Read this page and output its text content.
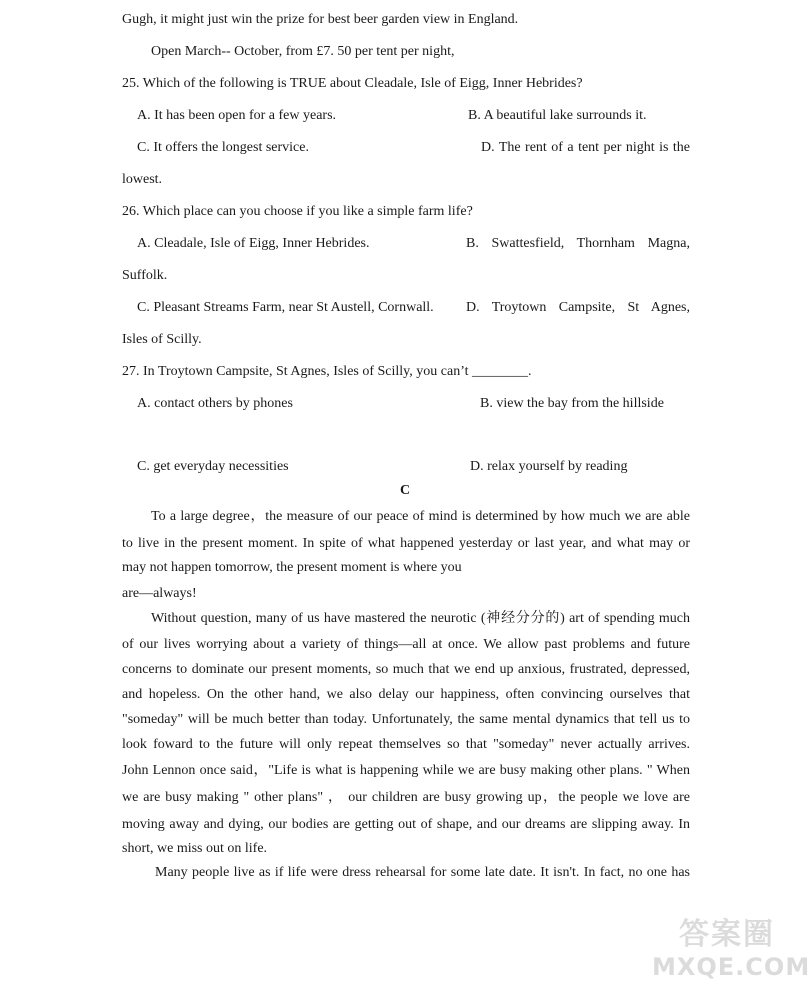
Gugh, it might just win the prize for best beer garden view in England.
Open March-- October, from £7. 50 per tent per night,
25. Which of the following is TRUE about Cleadale, Isle of Eigg, Inner Hebrides?
A. It has been open for a few years.	B. A beautiful lake surrounds it.
C. It offers the longest service.	D. The rent of a tent per night is the
lowest.
26. Which place can you choose if you like a simple farm life?
A. Cleadale, Isle of Eigg, Inner Hebrides.	B. Swattesfield, Thornham Magna,
Suffolk.
C. Pleasant Streams Farm, near St Austell, Cornwall. D. Troytown Campsite, St Agnes,
Isles of Scilly.
27. In Troytown Campsite, St Agnes, Isles of Scilly, you can’t ________.
A. contact others by phones	B. view the bay from the hillside
C. get everyday necessities	D. relax yourself by reading
C
To a large degree，the measure of our peace of mind is determined by how much we are able
to live in the present moment. In spite of what happened yesterday or last year, and what may or
may not happen tomorrow, the present moment is where you
are—always!
Without question, many of us have mastered the neurotic (神经分分的) art of spending much
of our lives worrying about a variety of things—all at once. We allow past problems and future
concerns to dominate our present moments, so much that we end up anxious, frustrated, depressed,
and hopeless. On the other hand, we also delay our happiness, often convincing ourselves that
"someday" will be much better than today. Unfortunately, the same mental dynamics that tell us to
look foward to the future will only repeat themselves so that "someday" never actually arrives.
John Lennon once said，"Life is what is happening while we are busy making other plans. " When
we are busy making " other plans" ， our children are busy growing up，the people we love are
moving away and dying, our bodies are getting out of shape, and our dreams are slipping away. In
short, we miss out on life.
Many people live as if life were dress rehearsal for some late date. It isn't. In fact, no one has
答案圈
MXQE.COM
